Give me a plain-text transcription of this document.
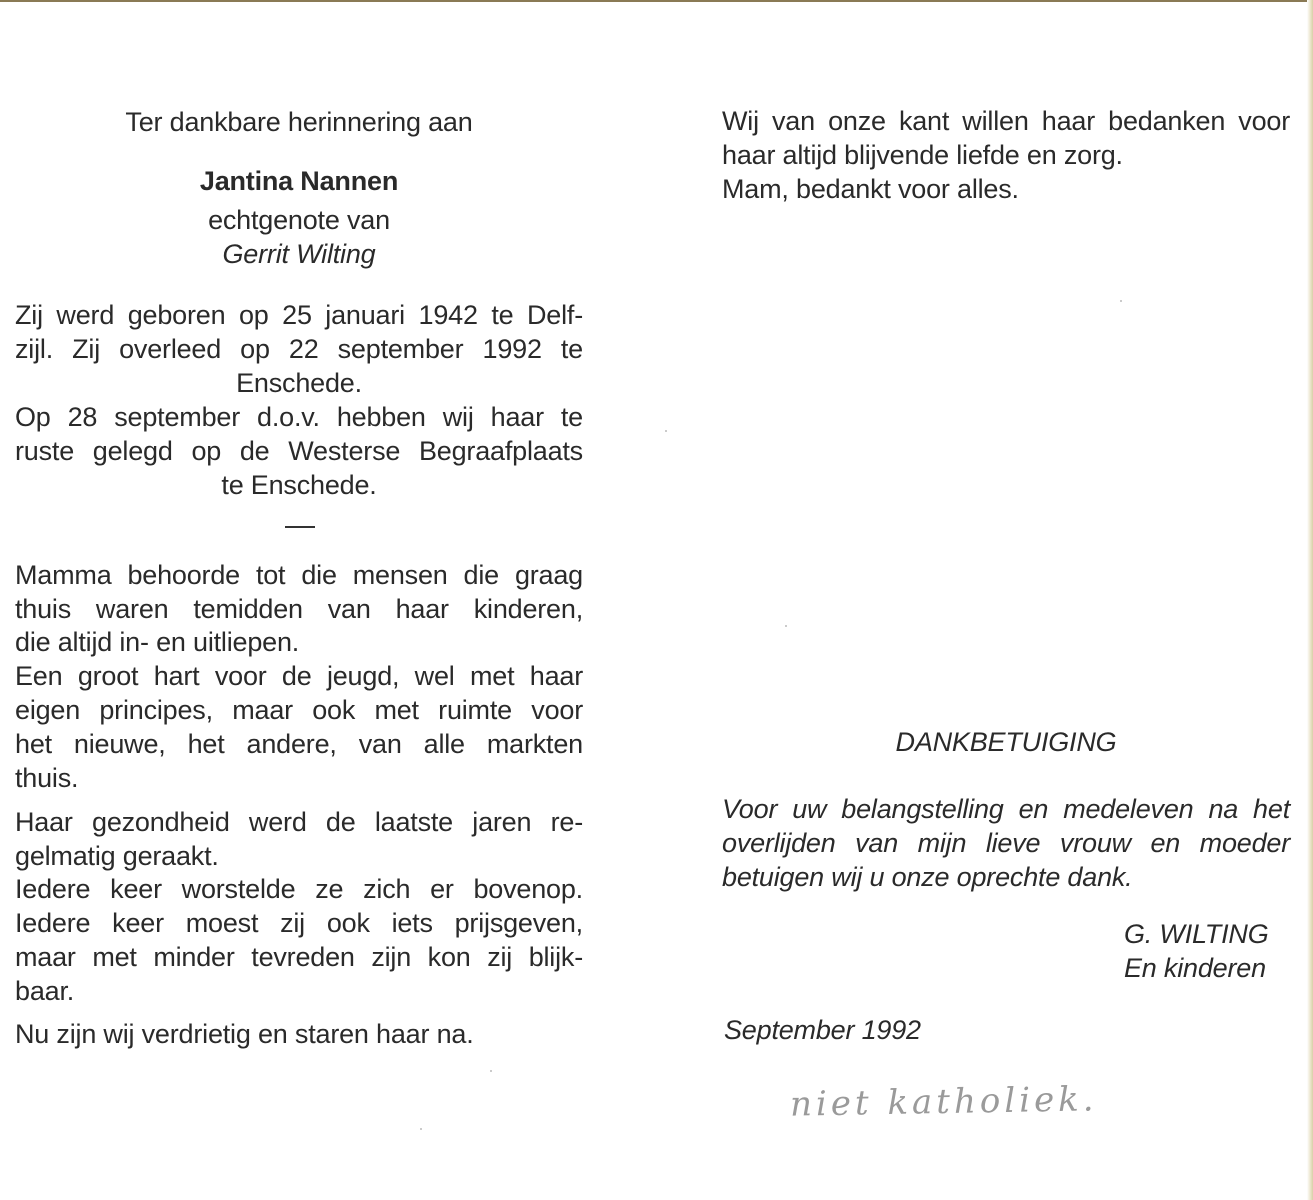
Ter dankbare herinnering aan
Jantina Nannen
echtgenote van
Gerrit Wilting
Zij werd geboren op 25 januari 1942 te Delf-
zijl. Zij overleed op 22 september 1992 te
Enschede.
Op 28 september d.o.v. hebben wij haar te
ruste gelegd op de Westerse Begraafplaats
te Enschede.
Mamma behoorde tot die mensen die graag
thuis waren temidden van haar kinderen,
die altijd in- en uitliepen.
Een groot hart voor de jeugd, wel met haar
eigen principes, maar ook met ruimte voor
het nieuwe, het andere, van alle markten
thuis.
Haar gezondheid werd de laatste jaren re-
gelmatig geraakt.
Iedere keer worstelde ze zich er bovenop.
Iedere keer moest zij ook iets prijsgeven,
maar met minder tevreden zijn kon zij blijk-
baar.
Nu zijn wij verdrietig en staren haar na.
Wij van onze kant willen haar bedanken voor
haar altijd blijvende liefde en zorg.
Mam, bedankt voor alles.
DANKBETUIGING
Voor uw belangstelling en medeleven na het
overlijden van mijn lieve vrouw en moeder
betuigen wij u onze oprechte dank.
G. WILTING
En kinderen
September 1992
niet katholiek.
